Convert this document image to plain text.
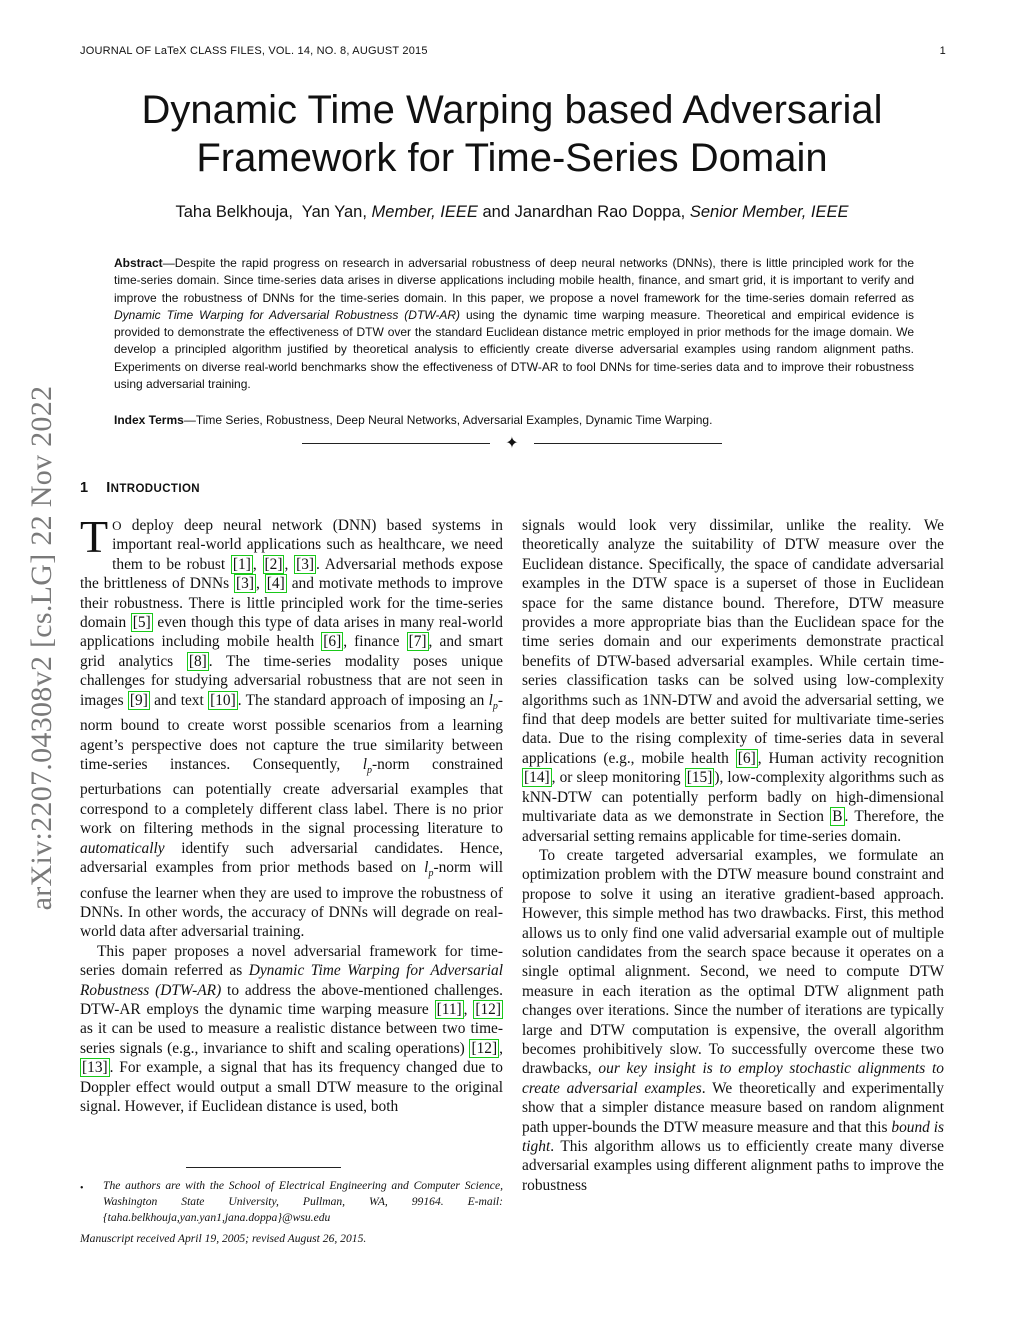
JOURNAL OF LaTeX CLASS FILES, VOL. 14, NO. 8, AUGUST 2015	1
Dynamic Time Warping based Adversarial
Framework for Time-Series Domain
Taha Belkhouja, Yan Yan, Member, IEEE and Janardhan Rao Doppa, Senior Member, IEEE
Abstract—Despite the rapid progress on research in adversarial robustness of deep neural networks (DNNs), there is little principled work for the time-series domain. Since time-series data arises in diverse applications including mobile health, finance, and smart grid, it is important to verify and improve the robustness of DNNs for the time-series domain. In this paper, we propose a novel framework for the time-series domain referred as Dynamic Time Warping for Adversarial Robustness (DTW-AR) using the dynamic time warping measure. Theoretical and empirical evidence is provided to demonstrate the effectiveness of DTW over the standard Euclidean distance metric employed in prior methods for the image domain. We develop a principled algorithm justified by theoretical analysis to efficiently create diverse adversarial examples using random alignment paths. Experiments on diverse real-world benchmarks show the effectiveness of DTW-AR to fool DNNs for time-series data and to improve their robustness using adversarial training.
Index Terms—Time Series, Robustness, Deep Neural Networks, Adversarial Examples, Dynamic Time Warping.
✦
1 INTRODUCTION

T O deploy deep neural network (DNN) based systems in important real-world applications such as healthcare, we need them to be robust [1] , [2] , [3] . Adversarial methods expose the brittleness of DNNs [3] , [4] and motivate methods to improve their robustness. There is little principled work for the time-series domain [5] even though this type of data arises in many real-world applications including mobile health [6] , finance [7] , and smart grid analytics [8] . The time-series modality poses unique challenges for studying adversarial robustness that are not seen in images [9] and text [10] . The standard approach of imposing an $l_p$-norm bound to create worst possible scenarios from a learning agent’s perspective does not capture the true similarity between time-series instances. Consequently, $l_p$-norm constrained perturbations can potentially create adversarial examples that correspond to a completely different class label. There is no prior work on filtering methods in the signal processing literature to automatically identify such adversarial candidates. Hence, adversarial examples from prior methods based on $l_p$-norm will confuse the learner when they are used to improve the robustness of DNNs. In other words, the accuracy of DNNs will degrade on real-world data after adversarial training.

This paper proposes a novel adversarial framework for time-series domain referred as Dynamic Time Warping for Adversarial Robustness (DTW-AR) to address the above-mentioned challenges. DTW-AR employs the dynamic time warping measure [11] , [12] as it can be used to measure a realistic distance between two time-series signals (e.g., invariance to shift and scaling operations) [12] , [13] . For example, a signal that has its frequency changed due to Doppler effect would output a small DTW measure to the original signal. However, if Euclidean distance is used, both

signals would look very dissimilar, unlike the reality. We theoretically analyze the suitability of DTW measure over the Euclidean distance. Specifically, the space of candidate adversarial examples in the DTW space is a superset of those in Euclidean space for the same distance bound. Therefore, DTW measure provides a more appropriate bias than the Euclidean space for the time series domain and our experiments demonstrate practical benefits of DTW-based adversarial examples. While certain time-series classification tasks can be solved using low-complexity algorithms such as 1NN-DTW and avoid the adversarial setting, we find that deep models are better suited for multivariate time-series data. Due to the rising complexity of time-series data in several applications (e.g., mobile health [6] , Human activity recognition [14] , or sleep monitoring [15] ), low-complexity algorithms such as kNN-DTW can potentially perform badly on high-dimensional multivariate data as we demonstrate in Section B . Therefore, the adversarial setting remains applicable for time-series domain.

To create targeted adversarial examples, we formulate an optimization problem with the DTW measure bound constraint and propose to solve it using an iterative gradient-based approach. However, this simple method has two drawbacks. First, this method allows us to only find one valid adversarial example out of multiple solution candidates from the search space because it operates on a single optimal alignment. Second, we need to compute DTW measure in each iteration as the optimal DTW alignment path changes over iterations. Since the number of iterations are typically large and DTW computation is expensive, the overall algorithm becomes prohibitively slow. To successfully overcome these two drawbacks, our key insight is to employ stochastic alignments to create adversarial examples. We theoretically and experimentally show that a simpler distance measure based on random alignment path upper-bounds the DTW measure measure and that this bound is tight. This algorithm allows us to efficiently create many diverse adversarial examples using different alignment paths to improve the robustness

arXiv:2207.04308v2 [cs.LG] 22 Nov 2022
• The authors are with the School of Electrical Engineering and Computer Science, Washington State University, Pullman, WA, 99164. E-mail: {taha.belkhouja,yan.yan1,jana.doppa}@wsu.edu
Manuscript received April 19, 2005; revised August 26, 2015.
